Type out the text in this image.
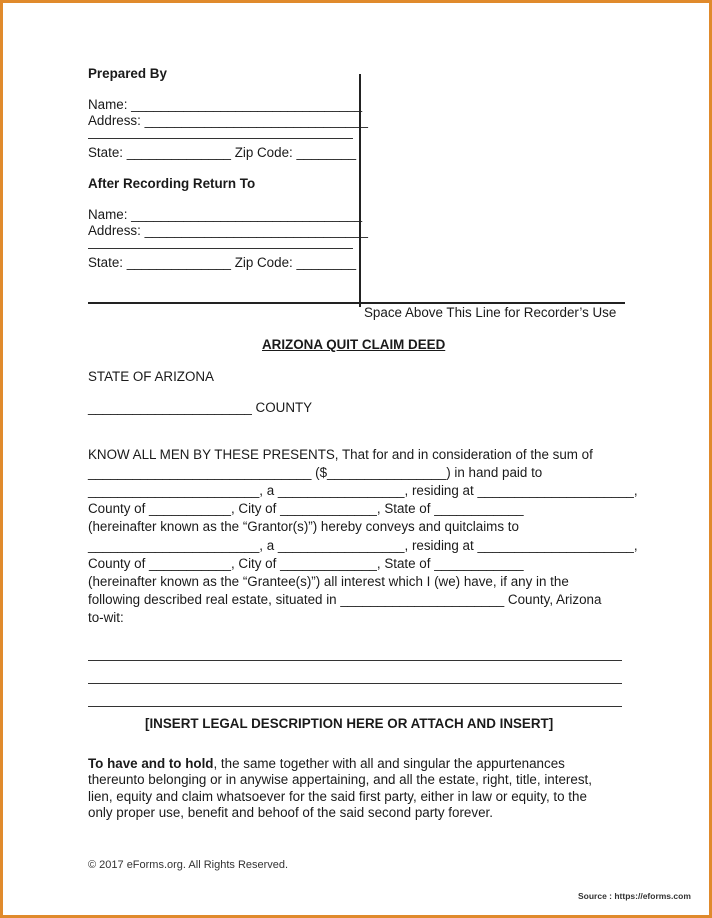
Prepared By
Name: _______________________________
Address: ______________________________
State: ______________ Zip Code: ________
After Recording Return To
Name: _______________________________
Address: ______________________________
State: ______________ Zip Code: ________
Space Above This Line for Recorder’s Use
ARIZONA QUIT CLAIM DEED
STATE OF ARIZONA
______________________ COUNTY
KNOW ALL MEN BY THESE PRESENTS, That for and in consideration of the sum of
______________________________ ($________________) in hand paid to
_______________________, a _________________, residing at _____________________,
County of ___________, City of _____________, State of ____________
(hereinafter known as the “Grantor(s)”) hereby conveys and quitclaims to
_______________________, a _________________, residing at _____________________,
County of ___________, City of _____________, State of ____________
(hereinafter known as the “Grantee(s)”) all interest which I (we) have, if any in the
following described real estate, situated in ______________________ County, Arizona
to-wit:
[INSERT LEGAL DESCRIPTION HERE OR ATTACH AND INSERT]
To have and to hold, the same together with all and singular the appurtenances
thereunto belonging or in anywise appertaining, and all the estate, right, title, interest,
lien, equity and claim whatsoever for the said first party, either in law or equity, to the
only proper use, benefit and behoof of the said second party forever.
© 2017 eForms.org. All Rights Reserved.
Source : https://eforms.com
